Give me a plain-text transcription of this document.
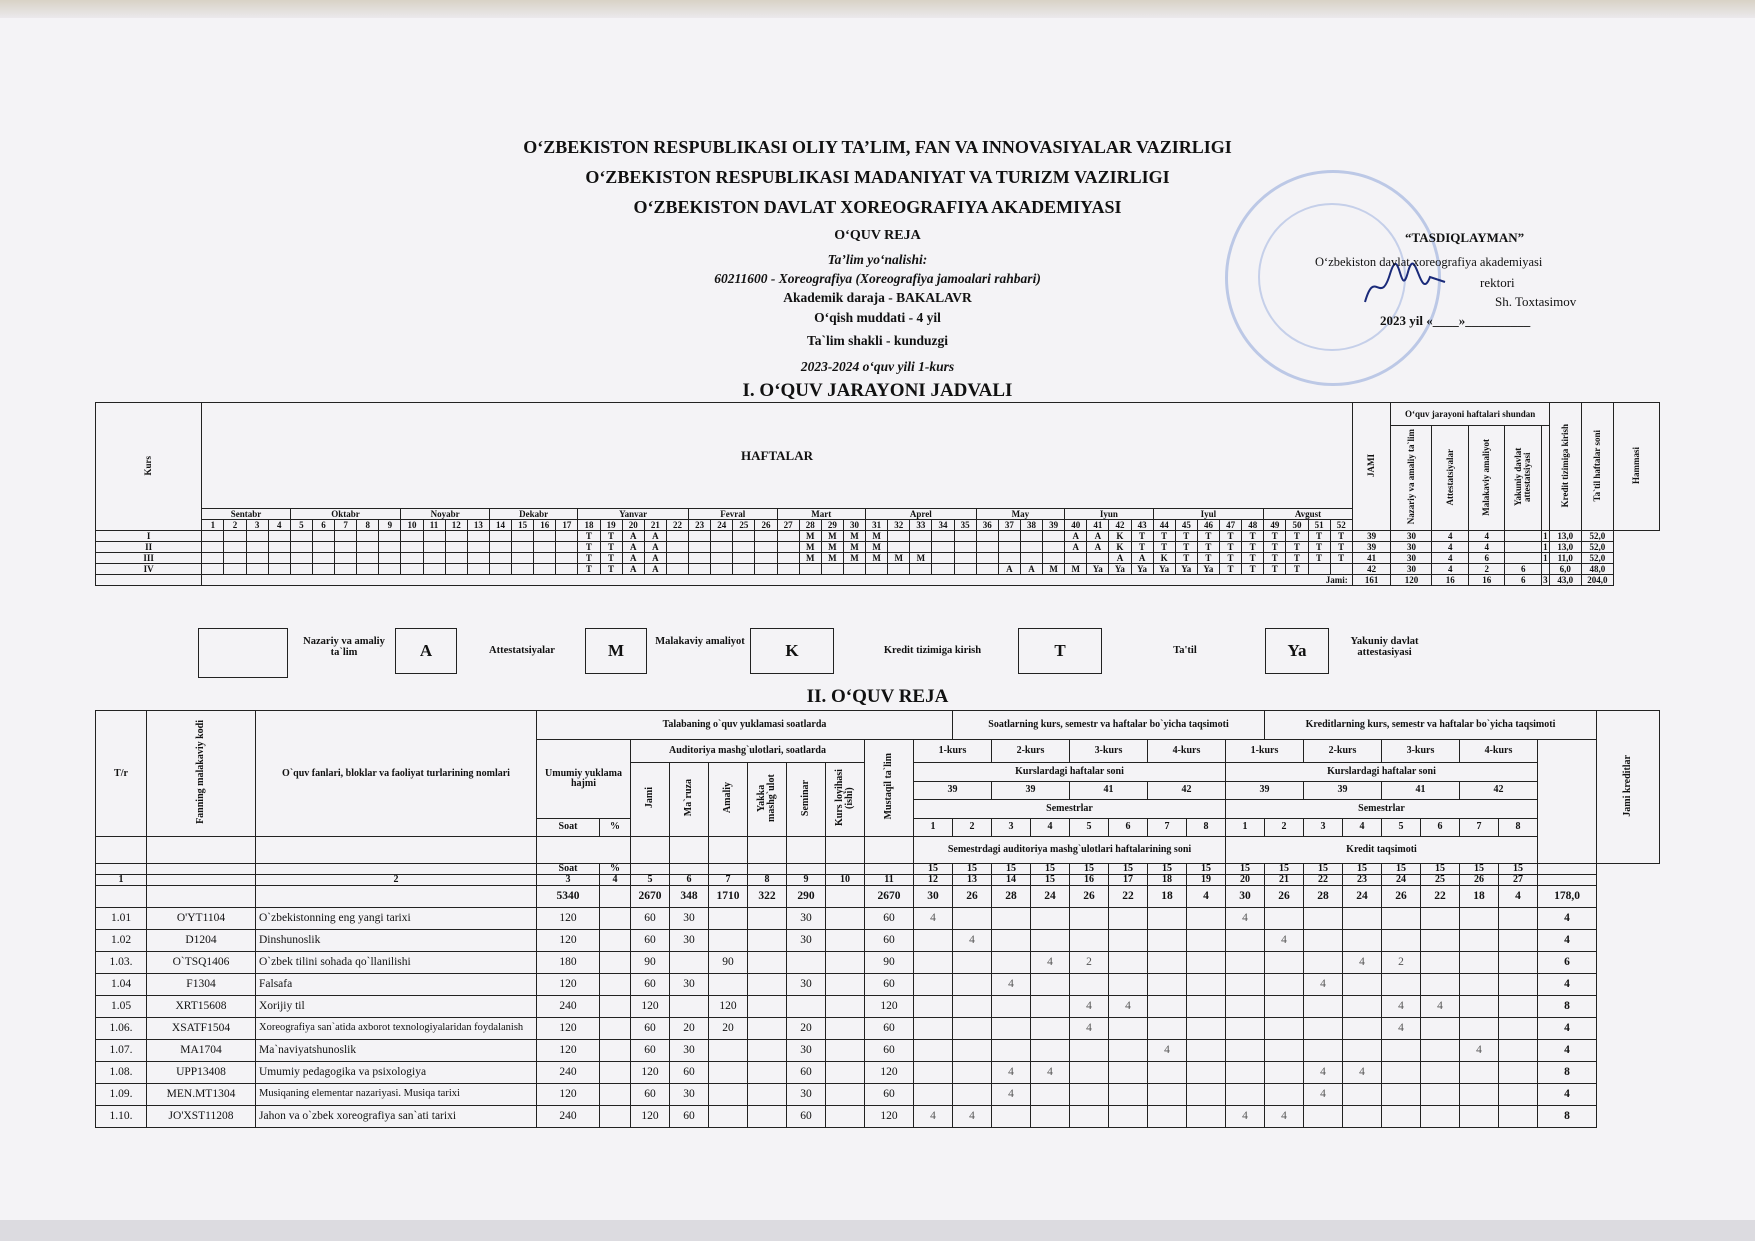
O‘ZBEKISTON RESPUBLIKASI OLIY TA’LIM, FAN VA INNOVASIYALAR VAZIRLIGI
O‘ZBEKISTON RESPUBLIKASI MADANIYAT VA TURIZM VAZIRLIGI
O‘ZBEKISTON DAVLAT XOREOGRAFIYA AKADEMIYASI
O‘QUV REJA
Ta’lim yo‘nalishi:
60211600 - Xoreografiya (Xoreografiya jamoalari rahbari)
Akademik daraja - BAKALAVR
O‘qish muddati - 4 yil
Ta`lim shakli - kunduzgi
2023-2024 o‘quv yili 1-kurs
“TASDIQLAYMAN”
O‘zbekiston davlat xoreografiya akademiyasi
rektori
Sh. Toxtasimov
2023 yil «____»__________
I. O‘QUV JARAYONI JADVALI
Kurs	HAFTALAR																																																				JAMI	O‘quv jarayoni haftalari shundan					Kredit tizimiga kirish	Ta`til haftalar soni	Hammasi
																																																						Nazariy va amaliy ta`lim	Attestatsiyalar	Malakaviy amaliyot	Yakuniy davlat attestatsiyasi				
	Sentabr				Oktabr					Noyabr				Dekabr				Yanvar					Fevral				Mart				Aprel					May				Iyun				Iyul					Avgust												
	1	2	3	4	5	6	7	8	9	10	11	12	13	14	15	16	17	18	19	20	21	22	23	24	25	26	27	28	29	30	31	32	33	34	35	36	37	38	39	40	41	42	43	44	45	46	47	48	49	50	51	52									
I																		T	T	A	A							M	M	M	M									A	A	K	T	T	T	T	T	T	T	T	T	T	39	30	4	4		1	13,0	52,0	
II																		T	T	A	A							M	M	M	M									A	A	K	T	T	T	T	T	T	T	T	T	T	39	30	4	4		1	13,0	52,0	
III																		T	T	A	A							M	M	M	M	M	M									A	A	K	T	T	T	T	T	T	T	T	41	30	4	6		1	11,0	52,0	
IV																		T	T	A	A																A	A	M	M	Ya	Ya	Ya	Ya	Ya	Ya	T	T	T	T			42	30	4	2	6		6,0	48,0	
	Jami:																																																				161	120	16	16	6	3	43,0	204,0	
Nazariy va amaliy ta`lim	A	Attestatsiyalar	M	Malakaviy amaliyot	K	Kredit tizimiga kirish	T	Ta'til	Ya	Yakuniy davlat attestasiyasi
II. O‘QUV REJA
T/r	Fanning malakaviy kodi	O`quv fanlari, bloklar va faoliyat turlarining nomlari	Talabaning o`quv yuklamasi soatlarda										Soatlarning kurs, semestr va haftalar bo`yicha taqsimoti								Kreditlarning kurs, semestr va haftalar bo`yicha taqsimoti								Jami kreditlar
			Umumiy yuklama hajmi		Auditoriya mashg`ulotlari, soatlarda						Mustaqil ta`lim	1-kurs		2-kurs		3-kurs		4-kurs		1-kurs		2-kurs		3-kurs		4-kurs			
					Jami	Ma`ruza	Amaliy	Yakka mashg`ulot	Seminar	Kurs loyihasi (ishi)		Kurslardagi haftalar soni								Kurslardagi haftalar soni									
												39		39		41		42		39		39		41		42			
												Semestrlar								Semestrlar									
			Soat	%								1	2	3	4	5	6	7	8	1	2	3	4	5	6	7	8		
												Semestrdagi auditoriya mashg`ulotlari haftalarining soni								Kredit taqsimoti									
			Soat	%								15	15	15	15	15	15	15	15	15	15	15	15	15	15	15	15		
1		2	3	4	5	6	7	8	9	10	11	12	13	14	15	16	17	18	19	20	21	22	23	24	25	26	27		
			5340		2670	348	1710	322	290		2670	30	26	28	24	26	22	18	4	30	26	28	24	26	22	18	4	178,0	
1.01	O'YT1104	O`zbekistonning eng yangi tarixi	120		60	30			30		60	4								4								4	
1.02	D1204	Dinshunoslik	120		60	30			30		60		4								4							4	
1.03.	O`TSQ1406	O`zbek tilini sohada qo`llanilishi	180		90		90				90				4	2							4	2				6	
1.04	F1304	Falsafa	120		60	30			30		60			4								4						4	
1.05	XRT15608	Xorijiy til	240		120		120				120					4	4							4	4			8	
1.06.	XSATF1504	Xoreografiya san`atida axborot texnologiyalaridan foydalanish	120		60	20	20		20		60					4								4				4	
1.07.	MA1704	Ma`naviyatshunoslik	120		60	30			30		60							4								4		4	
1.08.	UPP13408	Umumiy pedagogika va psixologiya	240		120	60			60		120			4	4							4	4					8	
1.09.	MEN.MT1304	Musiqaning elementar nazariyasi. Musiqa tarixi	120		60	30			30		60			4								4						4	
1.10.	JO'XST11208	Jahon va o`zbek xoreografiya san`ati tarixi	240		120	60			60		120	4	4							4	4							8	
